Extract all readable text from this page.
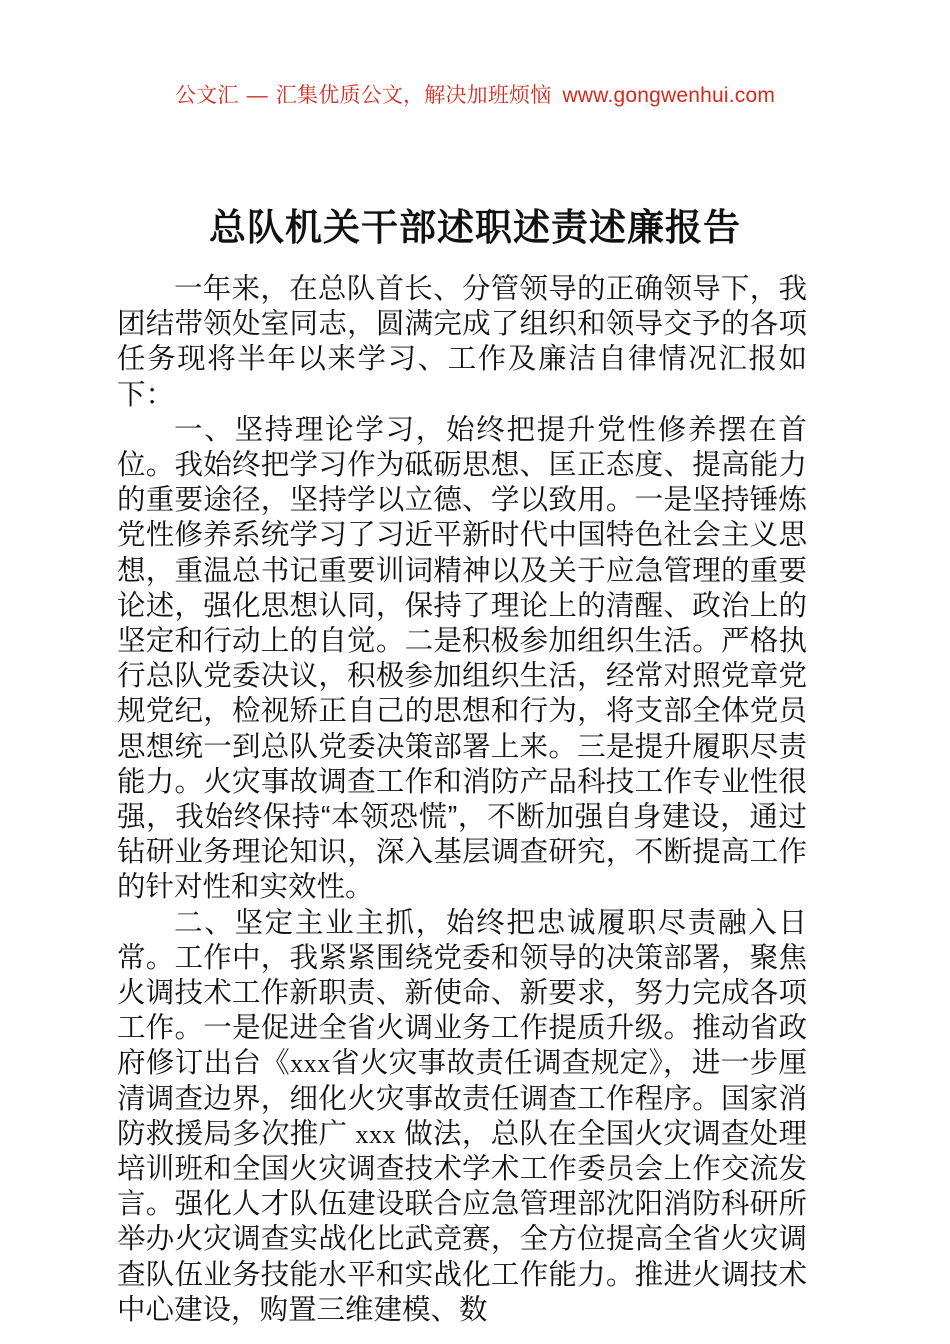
公文汇 — 汇集优质公文，解决加班烦恼 www.gongwenhui.com
总队机关干部述职述责述廉报告

一年来，在总队首长、分管领导的正确领导下，我团结带领处室同志，圆满完成了组织和领导交予的各项任务现将半年以来学习、工作及廉洁自律情况汇报如下：

一、坚持理论学习，始终把提升党性修养摆在首位。我始终把学习作为砥砺思想、匡正态度、提高能力的重要途径，坚持学以立德、学以致用。一是坚持锤炼党性修养系统学习了习近平新时代中国特色社会主义思想，重温总书记重要训词精神以及关于应急管理的重要论述，强化思想认同，保持了理论上的清醒、政治上的坚定和行动上的自觉。二是积极参加组织生活。严格执行总队党委决议，积极参加组织生活，经常对照党章党规党纪，检视矫正自己的思想和行为，将支部全体党员思想统一到总队党委决策部署上来。三是提升履职尽责能力。火灾事故调查工作和消防产品科技工作专业性很强，我始终保持“本领恐慌”，不断加强自身建设，通过钻研业务理论知识，深入基层调查研究，不断提高工作的针对性和实效性。

二、坚定主业主抓，始终把忠诚履职尽责融入日常。工作中，我紧紧围绕党委和领导的决策部署，聚焦火调技术工作新职责、新使命、新要求，努力完成各项工作。一是促进全省火调业务工作提质升级。推动省政府修订出台《xxx省火灾事故责任调查规定》，进一步厘清调查边界，细化火灾事故责任调查工作程序。国家消防救援局多次推广 xxx 做法，总队在全国火灾调查处理培训班和全国火灾调查技术学术工作委员会上作交流发言。强化人才队伍建设联合应急管理部沈阳消防科研所举办火灾调查实战化比武竞赛，全方位提高全省火灾调查队伍业务技能水平和实战化工作能力。推进火调技术中心建设，购置三维建模、数
